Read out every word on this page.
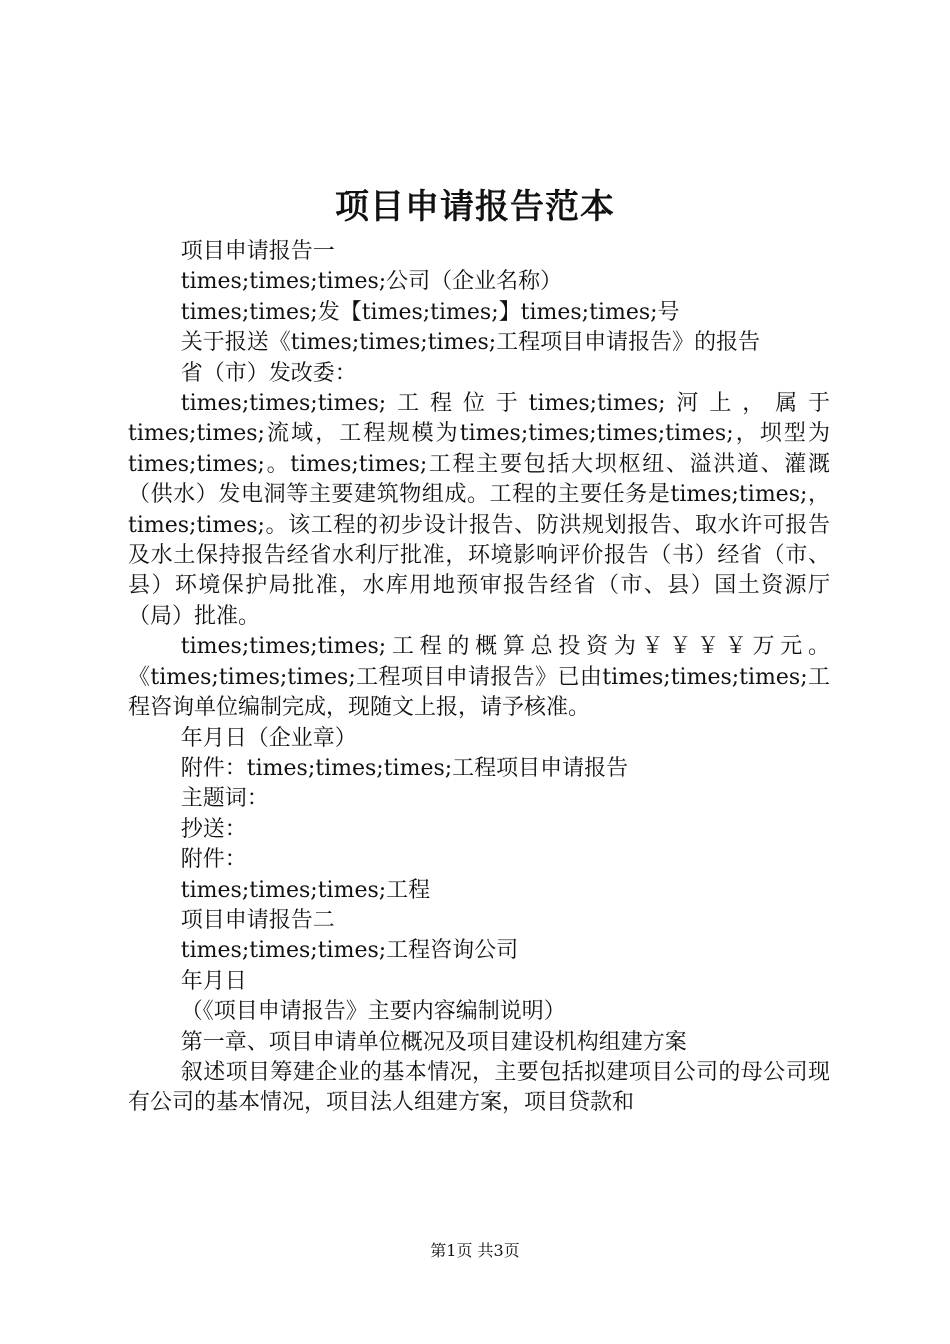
项目申请报告范本

项目申请报告一

times;times;times;公司（企业名称）

times;times;发【times;times;】times;times;号

关于报送《times;times;times;工程项目申请报告》的报告

省（市）发改委：

times;times;times;工程位于times;times;河上，属于times;times;流域，工程规模为times;times;times;times;，坝型为times;times;。times;times;工程主要包括大坝枢纽、溢洪道、灌溉（供水）发电洞等主要建筑物组成。工程的主要任务是times;times;，times;times;。该工程的初步设计报告、防洪规划报告、取水许可报告及水土保持报告经省水利厅批准，环境影响评价报告（书）经省（市、县）环境保护局批准，水库用地预审报告经省（市、县）国土资源厅（局）批准。

times;times;times;工程的概算总投资为￥￥￥￥万元。《times;times;times;工程项目申请报告》已由times;times;times;工程咨询单位编制完成，现随文上报，请予核准。

年月日（企业章）

附件：times;times;times;工程项目申请报告

主题词：

抄送：

附件：

times;times;times;工程

项目申请报告二

times;times;times;工程咨询公司

年月日

（《项目申请报告》主要内容编制说明）

第一章、项目申请单位概况及项目建设机构组建方案

叙述项目筹建企业的基本情况，主要包括拟建项目公司的母公司现有公司的基本情况，项目法人组建方案，项目贷款和

第1页 共3页
